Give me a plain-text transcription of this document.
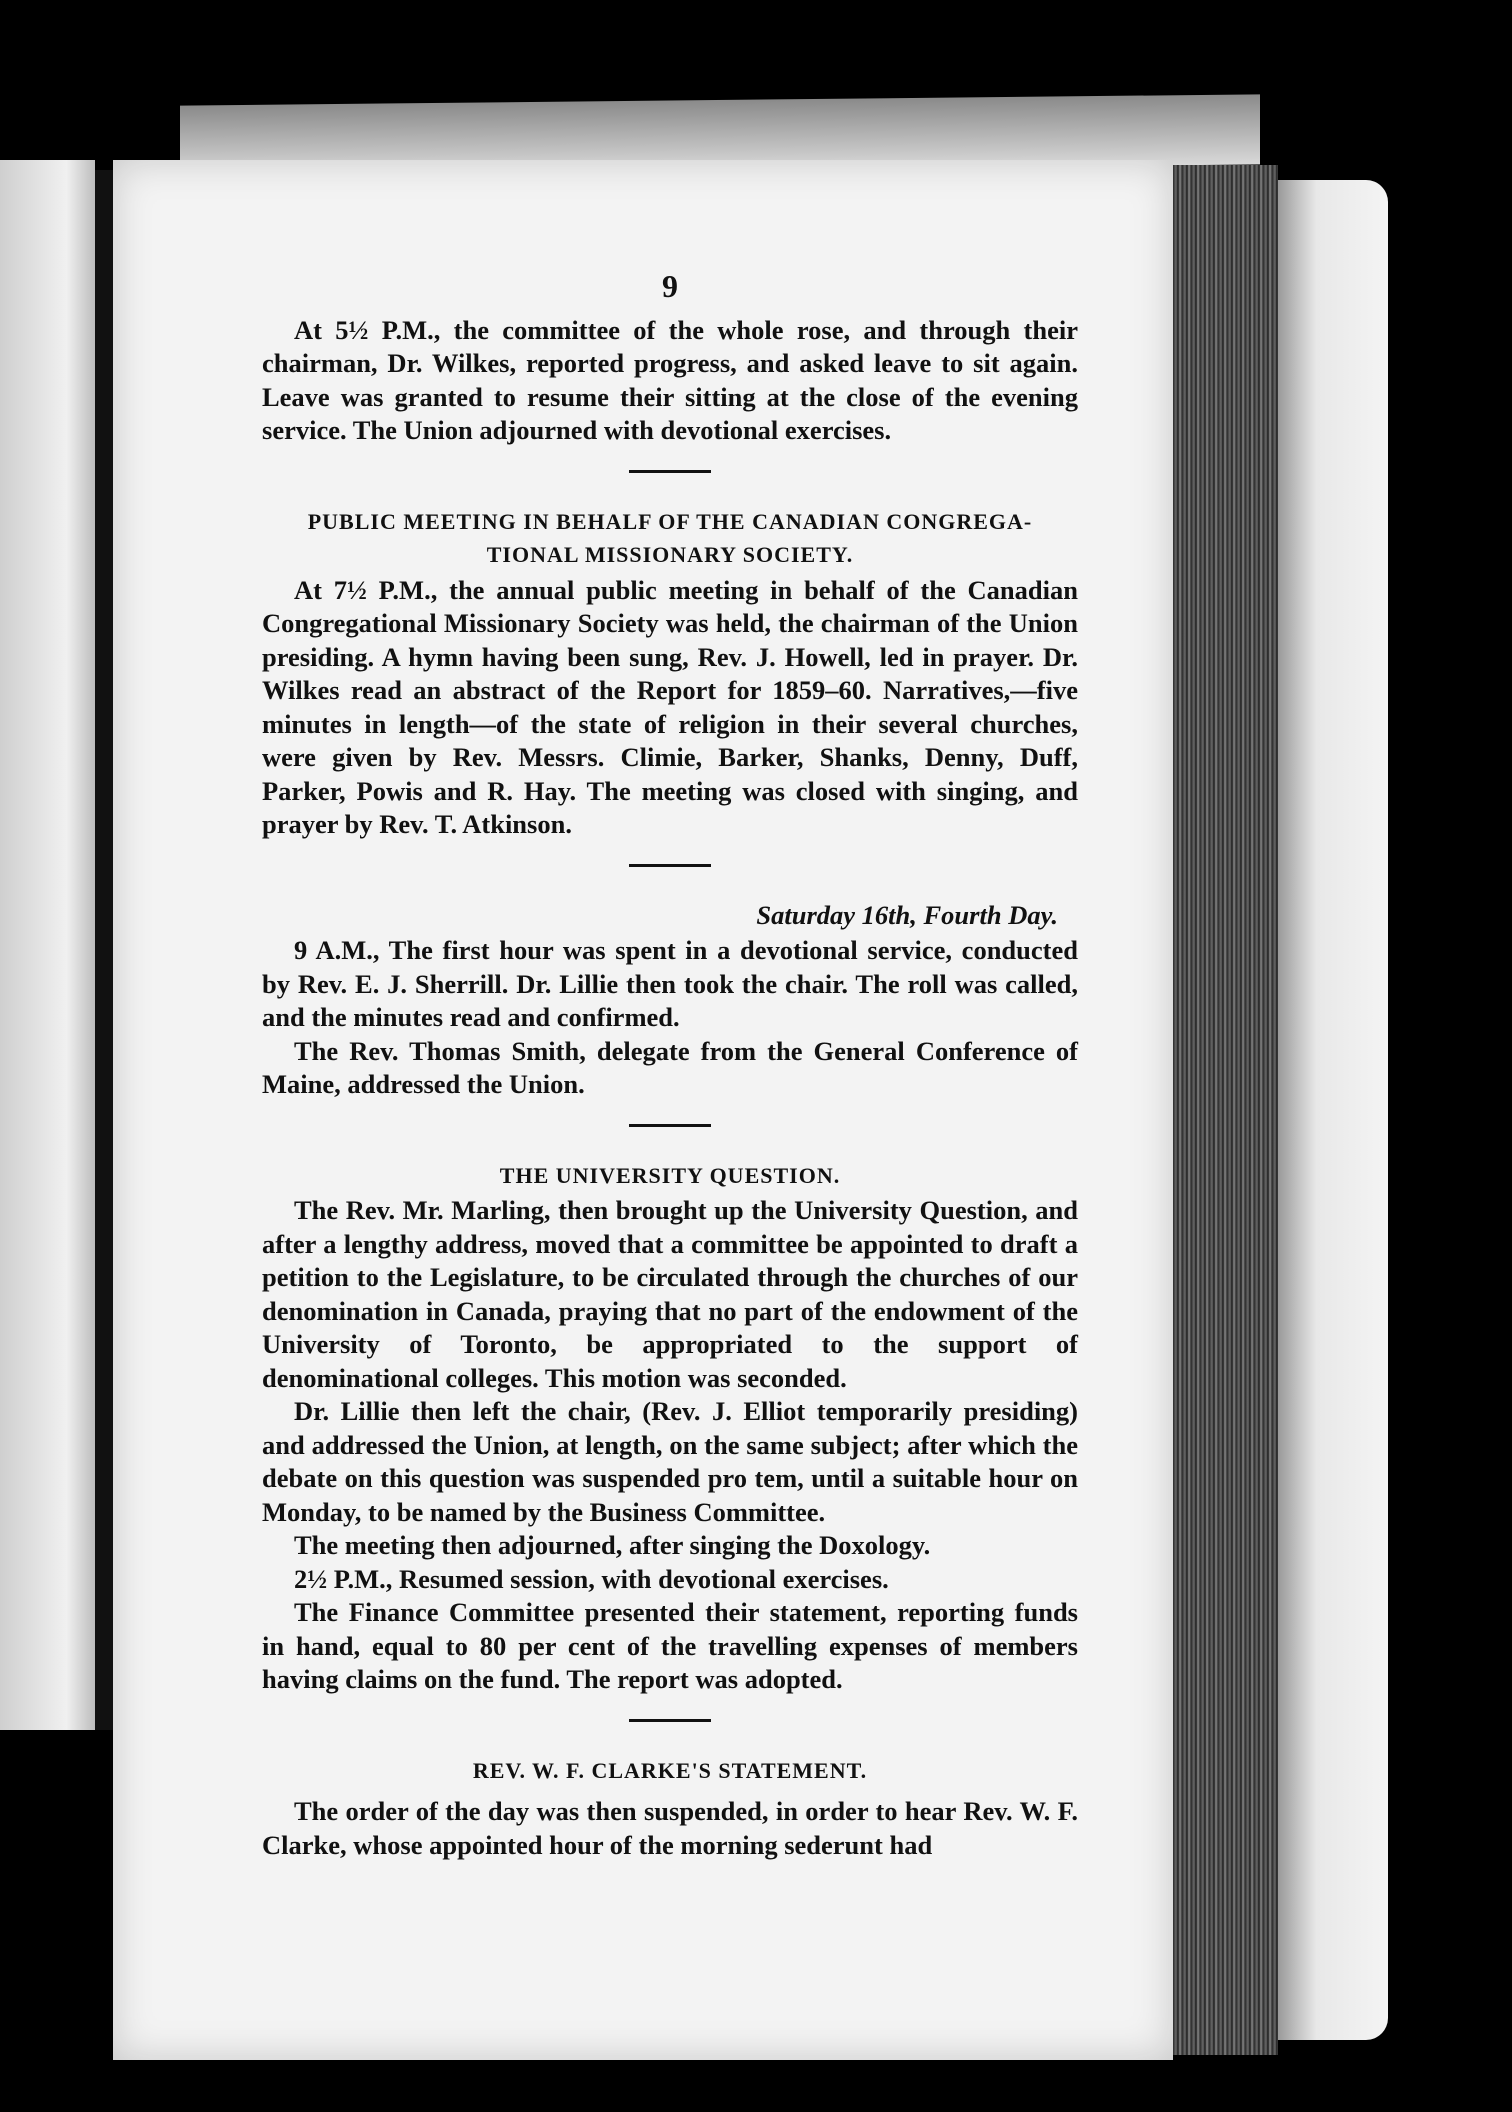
9

At 5½ P.M., the committee of the whole rose, and through their chairman, Dr. Wilkes, reported progress, and asked leave to sit again. Leave was granted to resume their sitting at the close of the evening service. The Union adjourned with devotional exercises.

PUBLIC MEETING IN BEHALF OF THE CANADIAN CONGREGA-

TIONAL MISSIONARY SOCIETY.

At 7½ P.M., the annual public meeting in behalf of the Canadian Congregational Missionary Society was held, the chairman of the Union presiding. A hymn having been sung, Rev. J. Howell, led in prayer. Dr. Wilkes read an abstract of the Report for 1859–60. Narratives,—five minutes in length—of the state of religion in their several churches, were given by Rev. Messrs. Climie, Barker, Shanks, Denny, Duff, Parker, Powis and R. Hay. The meeting was closed with singing, and prayer by Rev. T. Atkinson.

Saturday 16th, Fourth Day.

9 A.M., The first hour was spent in a devotional service, conducted by Rev. E. J. Sherrill. Dr. Lillie then took the chair. The roll was called, and the minutes read and confirmed.

The Rev. Thomas Smith, delegate from the General Conference of Maine, addressed the Union.

THE UNIVERSITY QUESTION.

The Rev. Mr. Marling, then brought up the University Question, and after a lengthy address, moved that a committee be appointed to draft a petition to the Legislature, to be circulated through the churches of our denomination in Canada, praying that no part of the endowment of the University of Toronto, be appropriated to the support of denominational colleges. This motion was seconded.

Dr. Lillie then left the chair, (Rev. J. Elliot temporarily presiding) and addressed the Union, at length, on the same subject; after which the debate on this question was suspended pro tem, until a suitable hour on Monday, to be named by the Business Committee.

The meeting then adjourned, after singing the Doxology.

2½ P.M., Resumed session, with devotional exercises.

The Finance Committee presented their statement, reporting funds in hand, equal to 80 per cent of the travelling expenses of members having claims on the fund. The report was adopted.

REV. W. F. CLARKE'S STATEMENT.

The order of the day was then suspended, in order to hear Rev. W. F. Clarke, whose appointed hour of the morning sederunt had
